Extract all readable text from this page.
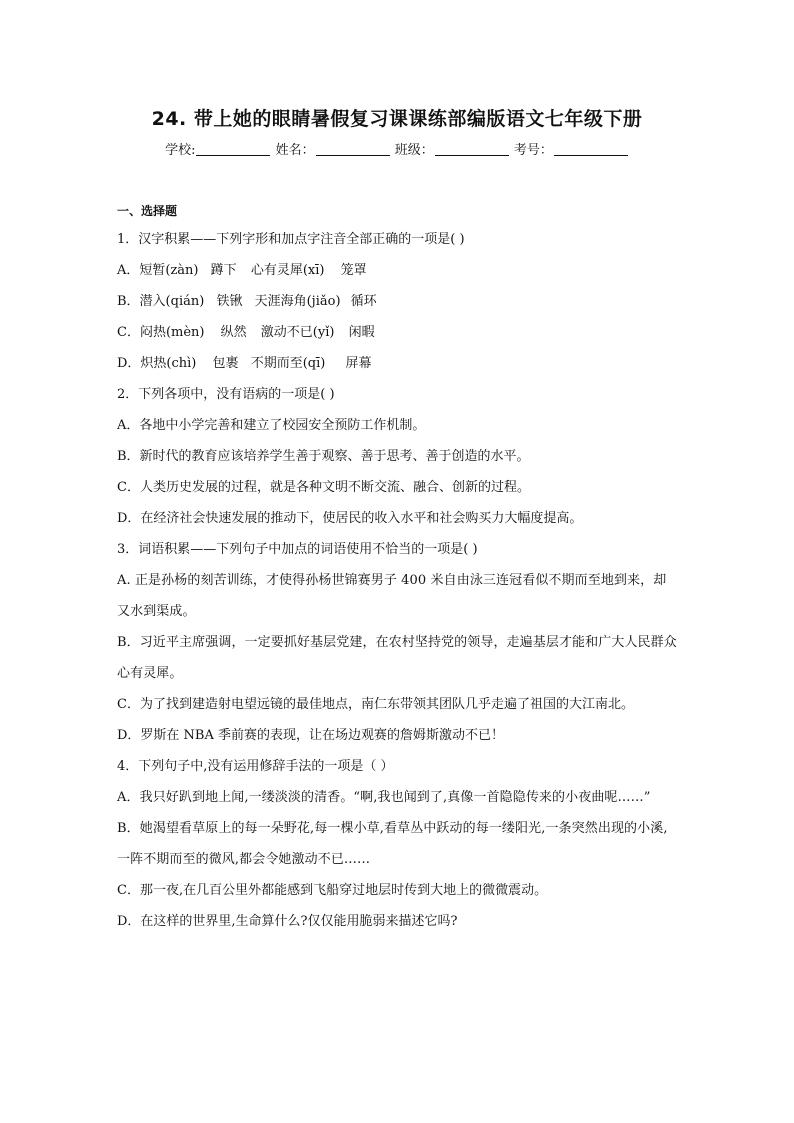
24. 带上她的眼睛暑假复习课课练部编版语文七年级下册
学校:	姓名：	班级：	考号：
一、选择题
1．汉字积累——下列字形和加点字注音全部正确的一项是( )
A．短暂(zàn) 蹲下 心有灵犀(xī) 笼罩
B．潜入(qián) 铁锹 天涯海角(jiǎo) 循环
C．闷热(mèn) 纵然 激动不已(yǐ) 闲暇
D．炽热(chì) 包裹 不期而至(qī) 屏幕
2．下列各项中，没有语病的一项是( )
A．各地中小学完善和建立了校园安全预防工作机制。
B．新时代的教育应该培养学生善于观察、善于思考、善于创造的水平。
C．人类历史发展的过程，就是各种文明不断交流、融合、创新的过程。
D．在经济社会快速发展的推动下，使居民的收入水平和社会购买力大幅度提高。
3．词语积累——下列句子中加点的词语使用不恰当的一项是( )
A. 正是孙杨的刻苦训练，才使得孙杨世锦赛男子 400 米自由泳三连冠看似不期而至地到来，却又水到渠成。
B．习近平主席强调，一定要抓好基层党建，在农村坚持党的领导，走遍基层才能和广大人民群众心有灵犀。
C．为了找到建造射电望远镜的最佳地点，南仁东带领其团队几乎走遍了祖国的大江南北。
D．罗斯在 NBA 季前赛的表现，让在场边观赛的詹姆斯激动不已！
4．下列句子中,没有运用修辞手法的一项是（ ）
A．我只好趴到地上闻,一缕淡淡的清香。“啊,我也闻到了,真像一首隐隐传来的小夜曲呢……”
B．她渴望看草原上的每一朵野花,每一棵小草,看草丛中跃动的每一缕阳光,一条突然出现的小溪,一阵不期而至的微风,都会令她激动不已……
C．那一夜,在几百公里外都能感到飞船穿过地层时传到大地上的微微震动。
D．在这样的世界里,生命算什么?仅仅能用脆弱来描述它吗?
